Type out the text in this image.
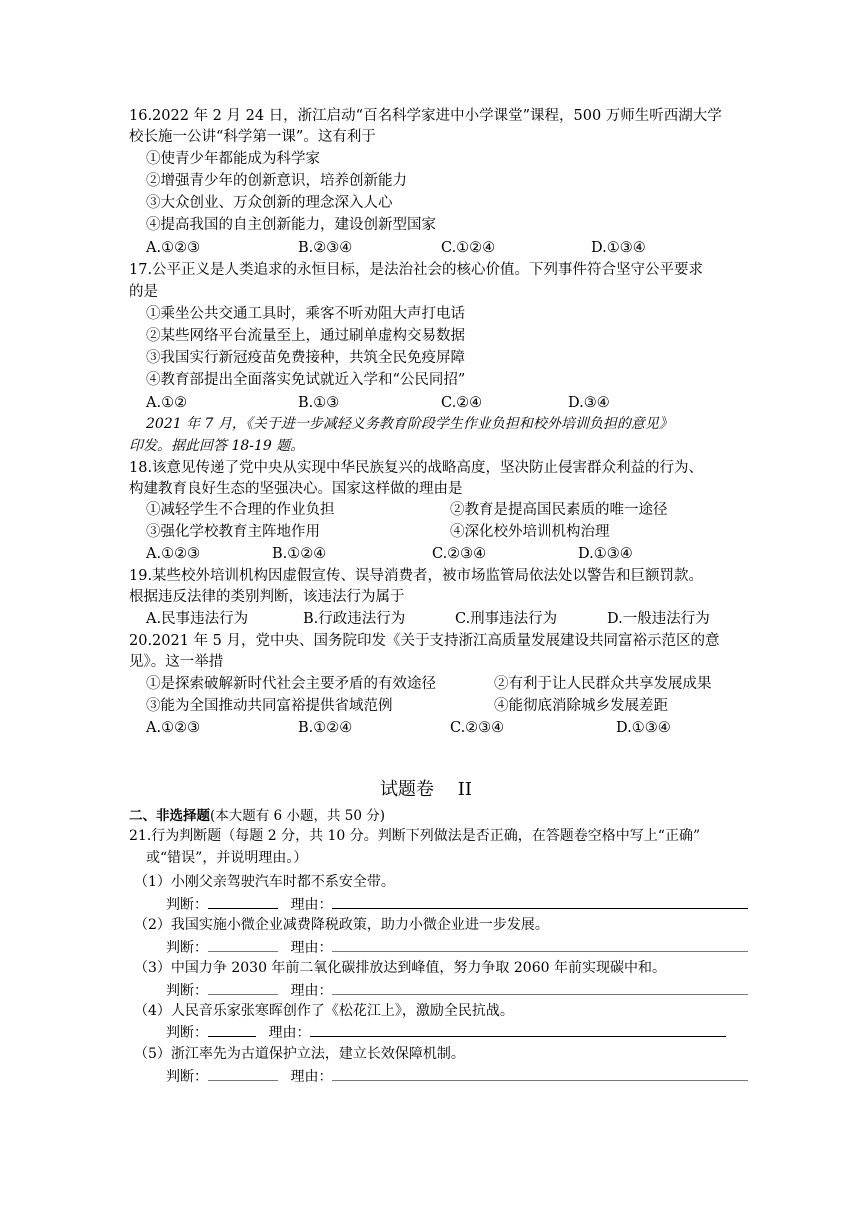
16.2022 年 2 月 24 日，浙江启动“百名科学家进中小学课堂”课程，500 万师生听西湖大学
校长施一公讲“科学第一课”。这有利于
①使青少年都能成为科学家
②增强青少年的创新意识，培养创新能力
③大众创业、万众创新的理念深入人心
④提高我国的自主创新能力，建设创新型国家
A.①②③	B.②③④	C.①②④	D.①③④
17.公平正义是人类追求的永恒目标，是法治社会的核心价值。下列事件符合坚守公平要求
的是
①乘坐公共交通工具时，乘客不听劝阻大声打电话
②某些网络平台流量至上，通过刷单虚构交易数据
③我国实行新冠疫苗免费接种，共筑全民免疫屏障
④教育部提出全面落实免试就近入学和“公民同招”
A.①②	B.①③	C.②④	D.③④
2021 年 7 月，《关于进一步减轻义务教育阶段学生作业负担和校外培训负担的意见》
印发。据此回答 18-19 题。
18.该意见传递了党中央从实现中华民族复兴的战略高度，坚决防止侵害群众利益的行为、
构建教育良好生态的坚强决心。国家这样做的理由是
①减轻学生不合理的作业负担	②教育是提高国民素质的唯一途径
③强化学校教育主阵地作用	④深化校外培训机构治理
A.①②③	B.①②④	C.②③④	D.①③④
19.某些校外培训机构因虚假宣传、误导消费者，被市场监管局依法处以警告和巨额罚款。
根据违反法律的类别判断，该违法行为属于
A.民事违法行为	B.行政违法行为	C.刑事违法行为	D.一般违法行为
20.2021 年 5 月，党中央、国务院印发《关于支持浙江高质量发展建设共同富裕示范区的意
见》。这一举措
①是探索破解新时代社会主要矛盾的有效途径	②有利于让人民群众共享发展成果
③能为全国推动共同富裕提供省域范例	④能彻底消除城乡发展差距
A.①②③	B.①②④	C.②③④	D.①③④
试题卷　 II
二、非选择题(本大题有 6 小题，共 50 分)
21.行为判断题（每题 2 分，共 10 分。判断下列做法是否正确，在答题卷空格中写上“正确”
或“错误”，并说明理由。）
（1）小刚父亲驾驶汽车时都不系安全带。
判断：	理由：
（2）我国实施小微企业减费降税政策，助力小微企业进一步发展。
判断：	理由：
（3）中国力争 2030 年前二氧化碳排放达到峰值，努力争取 2060 年前实现碳中和。
判断：	理由：
（4）人民音乐家张寒晖创作了《松花江上》，激励全民抗战。
判断：	理由：
（5）浙江率先为古道保护立法，建立长效保障机制。
判断：	理由：
